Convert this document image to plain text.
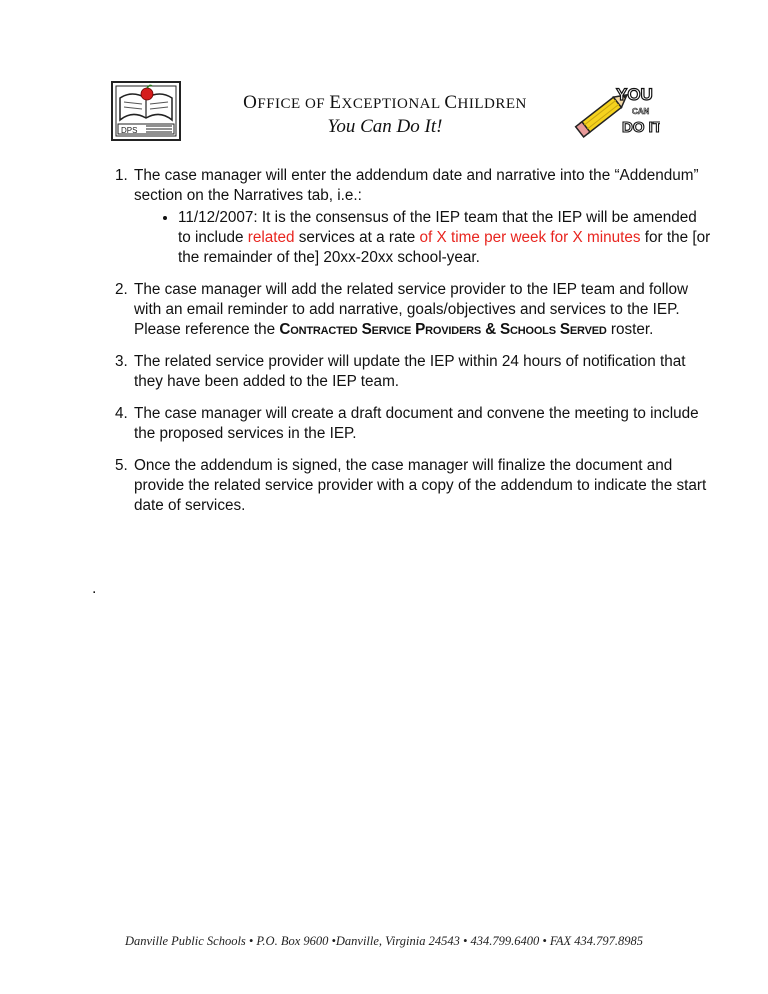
DPS
OFFICE OF EXCEPTIONAL CHILDREN
You Can Do It!
YOU
CAN
DO IT
1. The case manager will enter the addendum date and narrative into the “Addendum” section on the Narratives tab, i.e.:
• 11/12/2007: It is the consensus of the IEP team that the IEP will be amended to include related services at a rate of X time per week for X minutes for the [or the remainder of the] 20xx-20xx school-year.
2. The case manager will add the related service provider to the IEP team and follow with an email reminder to add narrative, goals/objectives and services to the IEP. Please reference the Contracted Service Providers & Schools Served roster.
3. The related service provider will update the IEP within 24 hours of notification that they have been added to the IEP team.
4. The case manager will create a draft document and convene the meeting to include the proposed services in the IEP.
5. Once the addendum is signed, the case manager will finalize the document and provide the related service provider with a copy of the addendum to indicate the start date of services.
.
Danville Public Schools • P.O. Box 9600 •Danville, Virginia 24543 • 434.799.6400 • FAX 434.797.8985
